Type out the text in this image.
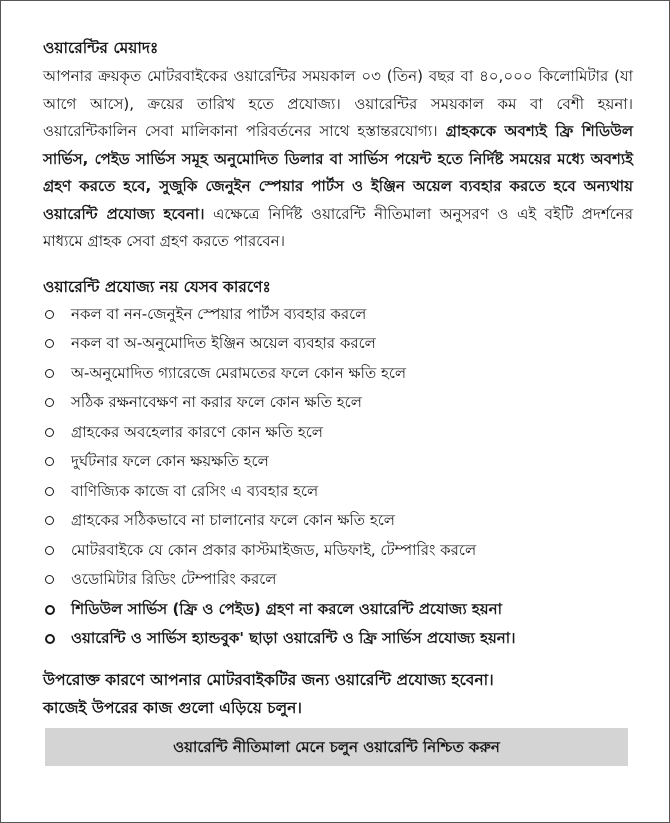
ওয়ারেন্টির মেয়াদঃ

আপনার ক্রয়কৃত মোটরবাইকের ওয়ারেন্টির সময়কাল ০৩ (তিন) বছর বা ৪০,০০০ কিলোমিটার (যা আগে আসে), ক্রয়ের তারিখ হতে প্রযোজ্য। ওয়ারেন্টির সময়কাল কম বা বেশী হয়না। ওয়ারেন্টিকালিন সেবা মালিকানা পরিবর্তনের সাথে হস্তান্তরযোগ্য। গ্রাহককে অবশ্যই ফ্রি শিডিউল সার্ভিস, পেইড সার্ভিস সমূহ অনুমোদিত ডিলার বা সার্ভিস পয়েন্ট হতে নির্দিষ্ট সময়ের মধ্যে অবশ্যই গ্রহণ করতে হবে, সুজুকি জেনুইন স্পেয়ার পার্টস ও ইঞ্জিন অয়েল ব্যবহার করতে হবে অন্যথায় ওয়ারেন্টি প্রযোজ্য হবেনা। এক্ষেত্রে নির্দিষ্ট ওয়ারেন্টি নীতিমালা অনুসরণ ও এই বইটি প্রদর্শনের মাধ্যমে গ্রাহক সেবা গ্রহণ করতে পারবেন।

ওয়ারেন্টি প্রযোজ্য নয় যেসব কারণেঃ
নকল বা নন-জেনুইন স্পেয়ার পার্টস ব্যবহার করলে
নকল বা অ-অনুমোদিত ইঞ্জিন অয়েল ব্যবহার করলে
অ-অনুমোদিত গ্যারেজে মেরামতের ফলে কোন ক্ষতি হলে
সঠিক রক্ষনাবেক্ষণ না করার ফলে কোন ক্ষতি হলে
গ্রাহকের অবহেলার কারণে কোন ক্ষতি হলে
দুর্ঘটনার ফলে কোন ক্ষয়ক্ষতি হলে
বাণিজ্যিক কাজে বা রেসিং এ ব্যবহার হলে
গ্রাহকের সঠিকভাবে না চালানোর ফলে কোন ক্ষতি হলে
মোটরবাইকে যে কোন প্রকার কাস্টমাইজড, মডিফাই, টেম্পারিং করলে
ওডোমিটার রিডিং টেম্পারিং করলে
শিডিউল সার্ভিস (ফ্রি ও পেইড) গ্রহণ না করলে ওয়ারেন্টি প্রযোজ্য হয়না
ওয়ারেন্টি ও সার্ভিস হ্যান্ডবুক' ছাড়া ওয়ারেন্টি ও ফ্রি সার্ভিস প্রযোজ্য হয়না।
উপরোক্ত কারণে আপনার মোটরবাইকটির জন্য ওয়ারেন্টি প্রযোজ্য হবেনা।
কাজেই উপরের কাজ গুলো এড়িয়ে চলুন।
ওয়ারেন্টি নীতিমালা মেনে চলুন ওয়ারেন্টি নিশ্চিত করুন
